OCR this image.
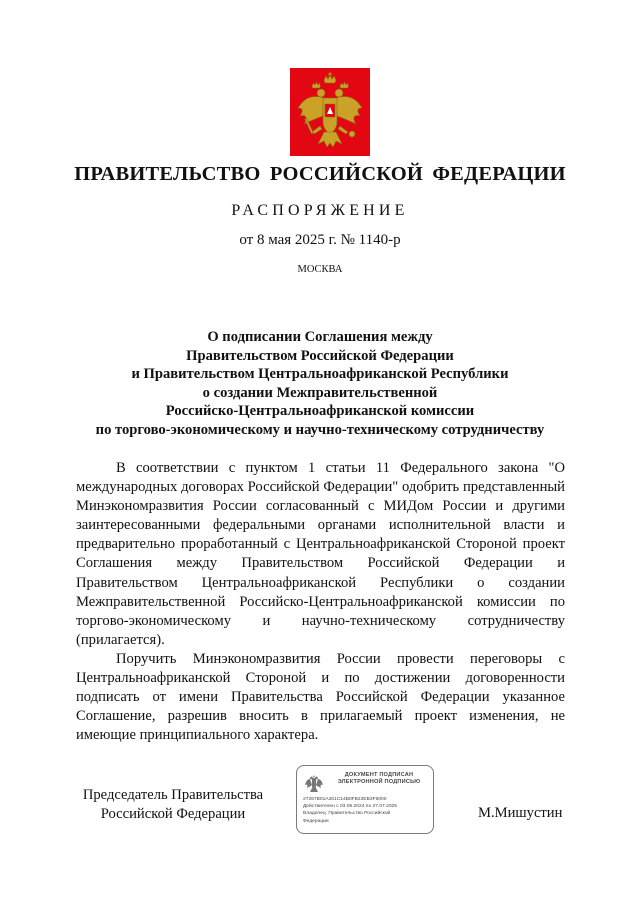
ПРАВИТЕЛЬСТВО РОССИЙСКОЙ ФЕДЕРАЦИИ
РАСПОРЯЖЕНИЕ
от 8 мая 2025 г. № 1140-р
МОСКВА
О подписании Соглашения между
Правительством Российской Федерации
и Правительством Центральноафриканской Республики
о создании Межправительственной
Российско-Центральноафриканской комиссии
по торгово-экономическому и научно-техническому сотрудничеству

В соответствии с пунктом 1 статьи 11 Федерального закона "О международных договорах Российской Федерации" одобрить представленный Минэкономразвития России согласованный с МИДом России и другими заинтересованными федеральными органами исполнительной власти и предварительно проработанный с Центральноафриканской Стороной проект Соглашения между Правительством Российской Федерации и Правительством Центральноафриканской Республики о создании Межправительственной Российско-Центральноафриканской комиссии по торгово-экономическому и научно-техническому сотрудничеству (прилагается).

Поручить Минэкономразвития России провести переговоры с Центральноафриканской Стороной и по достижении договоренности подписать от имени Правительства Российской Федерации указанное Соглашение, разрешив вносить в прилагаемый проект изменения, не имеющие принципиального характера.

Председатель Правительства
Российской Федерации
ДОКУМЕНТ ПОДПИСАН
ЭЛЕКТРОННОЙ ПОДПИСЬЮ
27267B01A261C14B0FB23EB3F6000
Действителен с 03.05.2024 по 27.07.2025
Владелец: Правительство Российской
Федерации
М.Мишустин
